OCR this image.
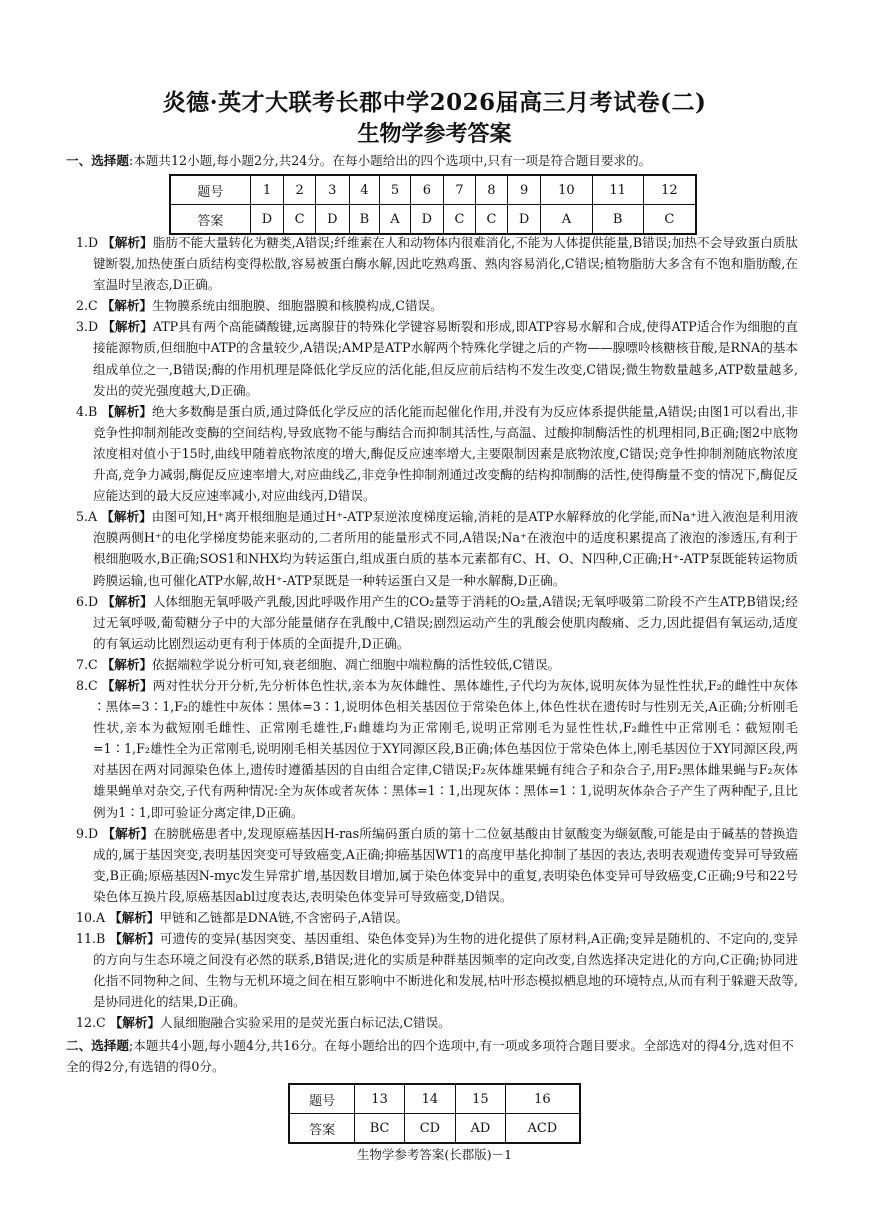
炎德·英才大联考长郡中学2026届高三月考试卷(二)
生物学参考答案
一、选择题:本题共12小题,每小题2分,共24分。在每小题给出的四个选项中,只有一项是符合题目要求的。
题号	1	2	3	4	5	6	7	8	9	10	11	12
答案	D	C	D	B	A	D	C	C	D	A	B	C
1.D 【解析】脂肪不能大量转化为糖类,A错误;纤维素在人和动物体内很难消化,不能为人体提供能量,B错误;加热不会导致蛋白质肽键断裂,加热使蛋白质结构变得松散,容易被蛋白酶水解,因此吃熟鸡蛋、熟肉容易消化,C错误;植物脂肪大多含有不饱和脂肪酸,在室温时呈液态,D正确。
2.C 【解析】生物膜系统由细胞膜、细胞器膜和核膜构成,C错误。
3.D 【解析】ATP具有两个高能磷酸键,远离腺苷的特殊化学键容易断裂和形成,即ATP容易水解和合成,使得ATP适合作为细胞的直接能源物质,但细胞中ATP的含量较少,A错误;AMP是ATP水解两个特殊化学键之后的产物——腺嘌呤核糖核苷酸,是RNA的基本组成单位之一,B错误;酶的作用机理是降低化学反应的活化能,但反应前后结构不发生改变,C错误;微生物数量越多,ATP数量越多,发出的荧光强度越大,D正确。
4.B 【解析】绝大多数酶是蛋白质,通过降低化学反应的活化能而起催化作用,并没有为反应体系提供能量,A错误;由图1可以看出,非竞争性抑制剂能改变酶的空间结构,导致底物不能与酶结合而抑制其活性,与高温、过酸抑制酶活性的机理相同,B正确;图2中底物浓度相对值小于15时,曲线甲随着底物浓度的增大,酶促反应速率增大,主要限制因素是底物浓度,C错误;竞争性抑制剂随底物浓度升高,竞争力减弱,酶促反应速率增大,对应曲线乙,非竞争性抑制剂通过改变酶的结构抑制酶的活性,使得酶量不变的情况下,酶促反应能达到的最大反应速率减小,对应曲线丙,D错误。
5.A 【解析】由图可知,H⁺离开根细胞是通过H⁺-ATP泵逆浓度梯度运输,消耗的是ATP水解释放的化学能,而Na⁺进入液泡是利用液泡膜两侧H⁺的电化学梯度势能来驱动的,二者所用的能量形式不同,A错误;Na⁺在液泡中的适度积累提高了液泡的渗透压,有利于根细胞吸水,B正确;SOS1和NHX均为转运蛋白,组成蛋白质的基本元素都有C、H、O、N四种,C正确;H⁺-ATP泵既能转运物质跨膜运输,也可催化ATP水解,故H⁺-ATP泵既是一种转运蛋白又是一种水解酶,D正确。
6.D 【解析】人体细胞无氧呼吸产乳酸,因此呼吸作用产生的CO₂量等于消耗的O₂量,A错误;无氧呼吸第二阶段不产生ATP,B错误;经过无氧呼吸,葡萄糖分子中的大部分能量储存在乳酸中,C错误;剧烈运动产生的乳酸会使肌肉酸痛、乏力,因此提倡有氧运动,适度的有氧运动比剧烈运动更有利于体质的全面提升,D正确。
7.C 【解析】依据端粒学说分析可知,衰老细胞、凋亡细胞中端粒酶的活性较低,C错误。
8.C 【解析】两对性状分开分析,先分析体色性状,亲本为灰体雌性、黑体雄性,子代均为灰体,说明灰体为显性性状,F₂的雌性中灰体∶黑体=3∶1,F₂的雄性中灰体∶黑体=3∶1,说明体色相关基因位于常染色体上,体色性状在遗传时与性别无关,A正确;分析刚毛性状,亲本为截短刚毛雌性、正常刚毛雄性,F₁雌雄均为正常刚毛,说明正常刚毛为显性性状,F₂雌性中正常刚毛∶截短刚毛=1∶1,F₂雄性全为正常刚毛,说明刚毛相关基因位于XY同源区段,B正确;体色基因位于常染色体上,刚毛基因位于XY同源区段,两对基因在两对同源染色体上,遗传时遵循基因的自由组合定律,C错误;F₂灰体雄果蝇有纯合子和杂合子,用F₂黑体雌果蝇与F₂灰体雄果蝇单对杂交,子代有两种情况:全为灰体或者灰体∶黑体=1∶1,出现灰体∶黑体=1∶1,说明灰体杂合子产生了两种配子,且比例为1∶1,即可验证分离定律,D正确。
9.D 【解析】在膀胱癌患者中,发现原癌基因H-ras所编码蛋白质的第十二位氨基酸由甘氨酸变为缬氨酸,可能是由于碱基的替换造成的,属于基因突变,表明基因突变可导致癌变,A正确;抑癌基因WT1的高度甲基化抑制了基因的表达,表明表观遗传变异可导致癌变,B正确;原癌基因N-myc发生异常扩增,基因数目增加,属于染色体变异中的重复,表明染色体变异可导致癌变,C正确;9号和22号染色体互换片段,原癌基因abl过度表达,表明染色体变异可导致癌变,D错误。
10.A 【解析】甲链和乙链都是DNA链,不含密码子,A错误。
11.B 【解析】可遗传的变异(基因突变、基因重组、染色体变异)为生物的进化提供了原材料,A正确;变异是随机的、不定向的,变异的方向与生态环境之间没有必然的联系,B错误;进化的实质是种群基因频率的定向改变,自然选择决定进化的方向,C正确;协同进化指不同物种之间、生物与无机环境之间在相互影响中不断进化和发展,枯叶形态模拟栖息地的环境特点,从而有利于躲避天敌等,是协同进化的结果,D正确。
12.C 【解析】人鼠细胞融合实验采用的是荧光蛋白标记法,C错误。
二、选择题;本题共4小题,每小题4分,共16分。在每小题给出的四个选项中,有一项或多项符合题目要求。全部选对的得4分,选对但不全的得2分,有选错的得0分。
题号	13	14	15	16
答案	BC	CD	AD	ACD
生物学参考答案(长郡版)－1
